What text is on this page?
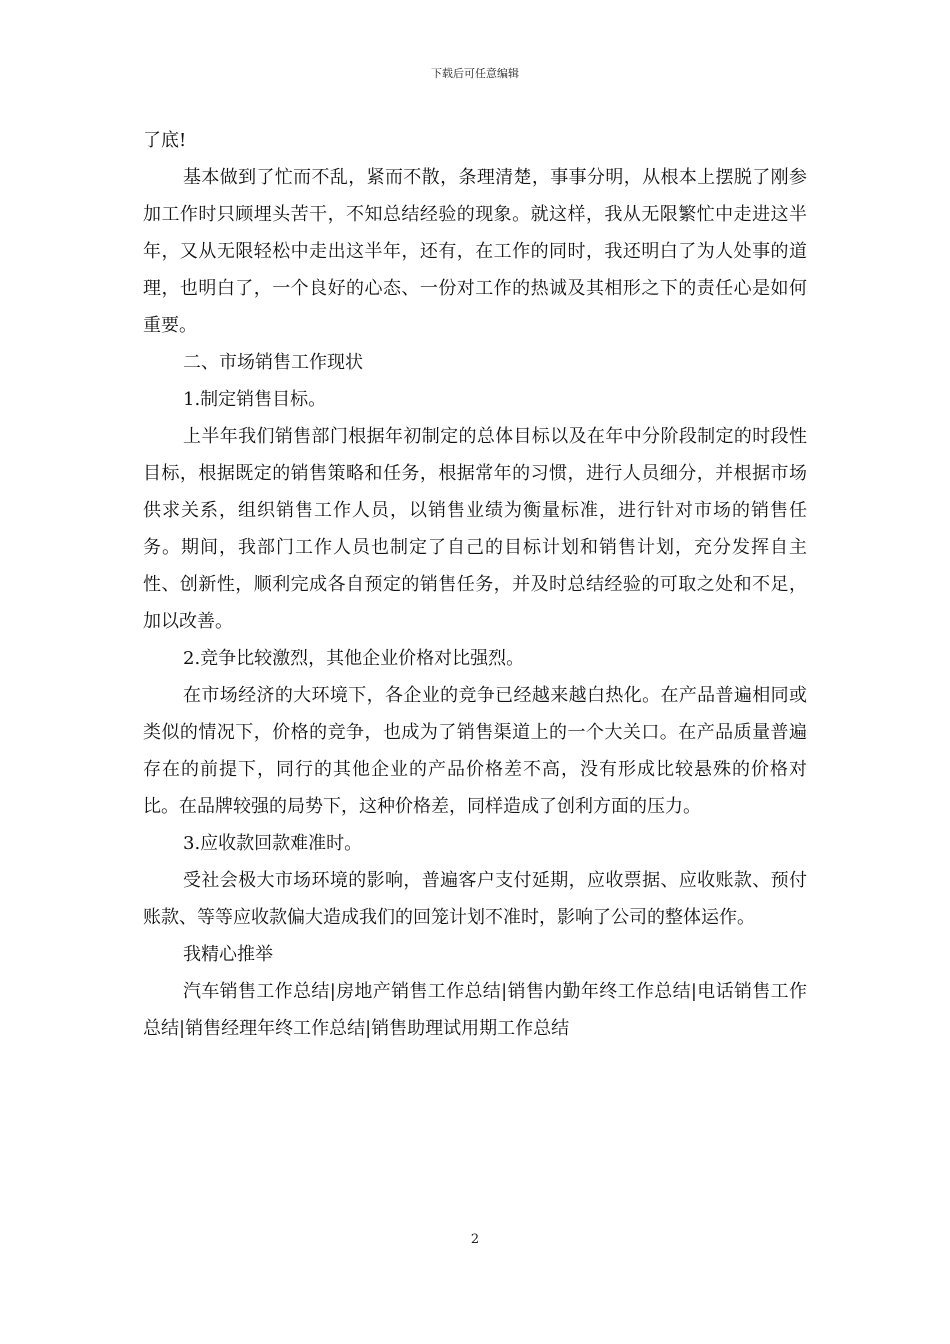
下载后可任意编辑

了底!

基本做到了忙而不乱，紧而不散，条理清楚，事事分明，从根本上摆脱了刚参加工作时只顾埋头苦干，不知总结经验的现象。就这样，我从无限繁忙中走进这半年，又从无限轻松中走出这半年，还有，在工作的同时，我还明白了为人处事的道理，也明白了，一个良好的心态、一份对工作的热诚及其相形之下的责任心是如何重要。

二、市场销售工作现状

1.制定销售目标。

上半年我们销售部门根据年初制定的总体目标以及在年中分阶段制定的时段性目标，根据既定的销售策略和任务，根据常年的习惯，进行人员细分，并根据市场供求关系，组织销售工作人员，以销售业绩为衡量标准，进行针对市场的销售任务。期间，我部门工作人员也制定了自己的目标计划和销售计划，充分发挥自主性、创新性，顺利完成各自预定的销售任务，并及时总结经验的可取之处和不足，加以改善。

2.竞争比较激烈，其他企业价格对比强烈。

在市场经济的大环境下，各企业的竞争已经越来越白热化。在产品普遍相同或类似的情况下，价格的竞争，也成为了销售渠道上的一个大关口。在产品质量普遍存在的前提下，同行的其他企业的产品价格差不高，没有形成比较悬殊的价格对比。在品牌较强的局势下，这种价格差，同样造成了创利方面的压力。

3.应收款回款难准时。

受社会极大市场环境的影响，普遍客户支付延期，应收票据、应收账款、预付账款、等等应收款偏大造成我们的回笼计划不准时，影响了公司的整体运作。

我精心推举

汽车销售工作总结|房地产销售工作总结|销售内勤年终工作总结|电话销售工作总结|销售经理年终工作总结|销售助理试用期工作总结

2
